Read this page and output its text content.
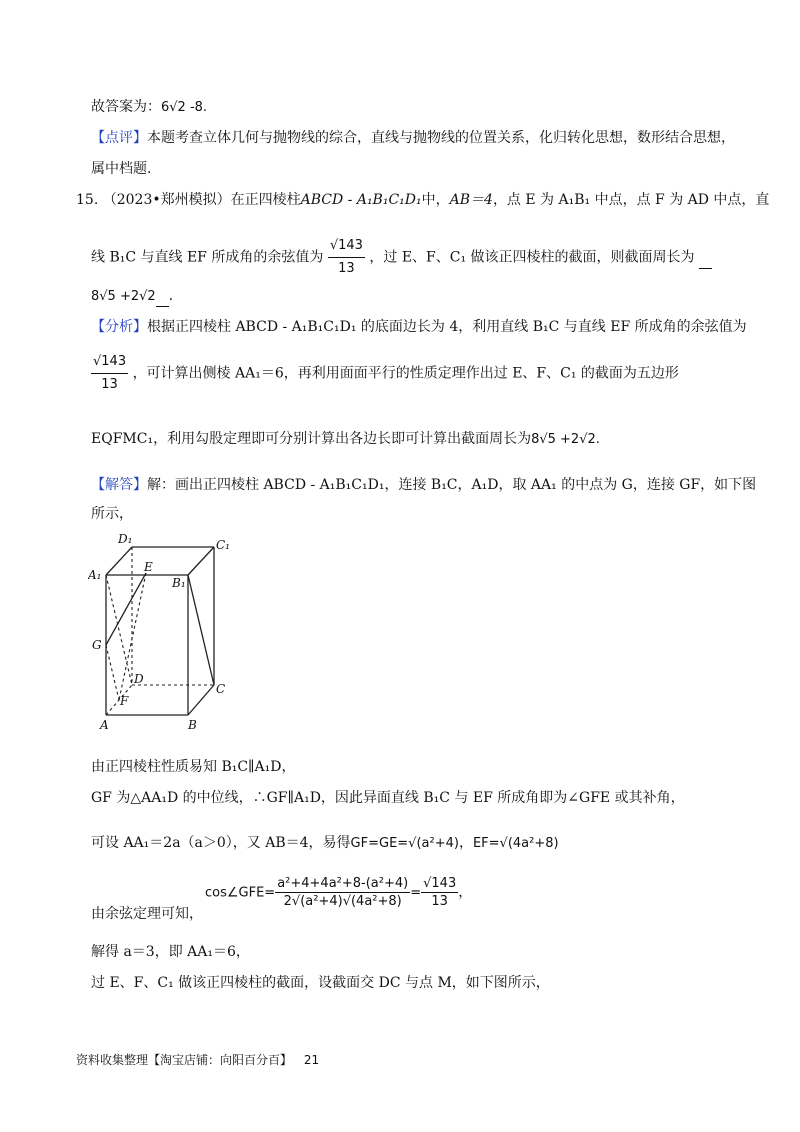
故答案为：6√2 -8.
【点评】本题考查立体几何与抛物线的综合，直线与抛物线的位置关系，化归转化思想，数形结合思想，
属中档题.
15. （2023•郑州模拟）在正四棱柱ABCD - A₁B₁C₁D₁中，AB＝4，点 E 为 A₁B₁ 中点，点 F 为 AD 中点，直
线 B₁C 与直线 EF 所成角的余弦值为 $\frac{√143}{13}$ ，过 E、F、C₁ 做该正四棱柱的截面，则截面周长为
8√5 +2√2 .
【分析】根据正四棱柱 ABCD - A₁B₁C₁D₁ 的底面边长为 4，利用直线 B₁C 与直线 EF 所成角的余弦值为
$\frac{√143}{13}$ ，可计算出侧棱 AA₁＝6，再利用面面平行的性质定理作出过 E、F、C₁ 的截面为五边形
EQFMC₁，利用勾股定理即可分别计算出各边长即可计算出截面周长为8√5 +2√2.
【解答】解：画出正四棱柱 ABCD - A₁B₁C₁D₁，连接 B₁C，A₁D，取 AA₁ 的中点为 G，连接 GF，如下图
所示，
D₁	C₁
A₁
E
B₁
G
D
C
F
A	B
由正四棱柱性质易知 B₁C∥A₁D，
GF 为△AA₁D 的中位线，∴GF∥A₁D，因此异面直线 B₁C 与 EF 所成角即为∠GFE 或其补角，
可设 AA₁＝2a（a＞0），又 AB＝4，易得GF=GE=√(a²+4)，EF=√(4a²+8)
由余弦定理可知，
cos∠GFE= $\frac{\text{a²+4+4a²+8-(a²+4)}}{\text{2√(a²+4)√(4a²+8)}} = \frac{√143}{13}$ ，
解得 a＝3，即 AA₁＝6，
过 E、F、C₁ 做该正四棱柱的截面，设截面交 DC 与点 M，如下图所示，
资料收集整理【淘宝店铺：向阳百分百】 21
